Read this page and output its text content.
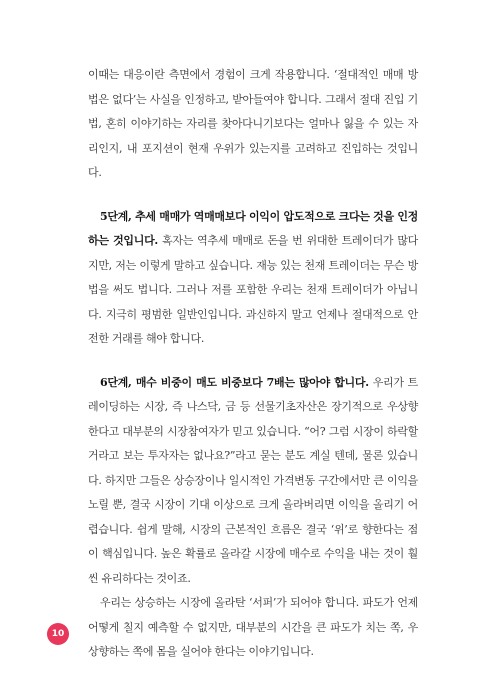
이때는 대응이란 측면에서 경험이 크게 작용합니다. ‘절대적인 매매 방법은 없다’는 사실을 인정하고, 받아들여야 합니다. 그래서 절대 진입 기법, 혼히 이야기하는 자리를 찾아다니기보다는 얼마나 잃을 수 있는 자리인지, 내 포지션이 현재 우위가 있는지를 고려하고 진입하는 것입니다.

5단계, 추세 매매가 역매매보다 이익이 압도적으로 크다는 것을 인정하는 것입니다. 혹자는 역추세 매매로 돈을 번 위대한 트레이더가 많다지만, 저는 이렇게 말하고 싶습니다. 재능 있는 천재 트레이더는 무슨 방법을 써도 법니다. 그러나 저를 포함한 우리는 천재 트레이더가 아닙니다. 지극히 평범한 일반인입니다. 과신하지 말고 언제나 절대적으로 안전한 거래를 해야 합니다.

6단계, 매수 비중이 매도 비중보다 7배는 많아야 합니다. 우리가 트레이딩하는 시장, 즉 나스닥, 금 등 선물기초자산은 장기적으로 우상향한다고 대부분의 시장참여자가 믿고 있습니다. “어? 그럼 시장이 하락할 거라고 보는 투자자는 없나요?”라고 묻는 분도 계실 텐데, 물론 있습니다. 하지만 그들은 상승장이나 일시적인 가격변동 구간에서만 큰 이익을 노릴 뿐, 결국 시장이 기대 이상으로 크게 올라버리면 이익을 올리기 어렵습니다. 쉽게 말해, 시장의 근본적인 흐름은 결국 ‘위’로 향한다는 점이 핵심입니다. 높은 확률로 올라갈 시장에 매수로 수익을 내는 것이 훨씬 유리하다는 것이죠.

우리는 상승하는 시장에 올라탄 ‘서퍼’가 되어야 합니다. 파도가 언제 어떻게 칠지 예측할 수 없지만, 대부분의 시간을 큰 파도가 치는 쪽, 우상향하는 쪽에 몸을 실어야 한다는 이야기입니다.

10
